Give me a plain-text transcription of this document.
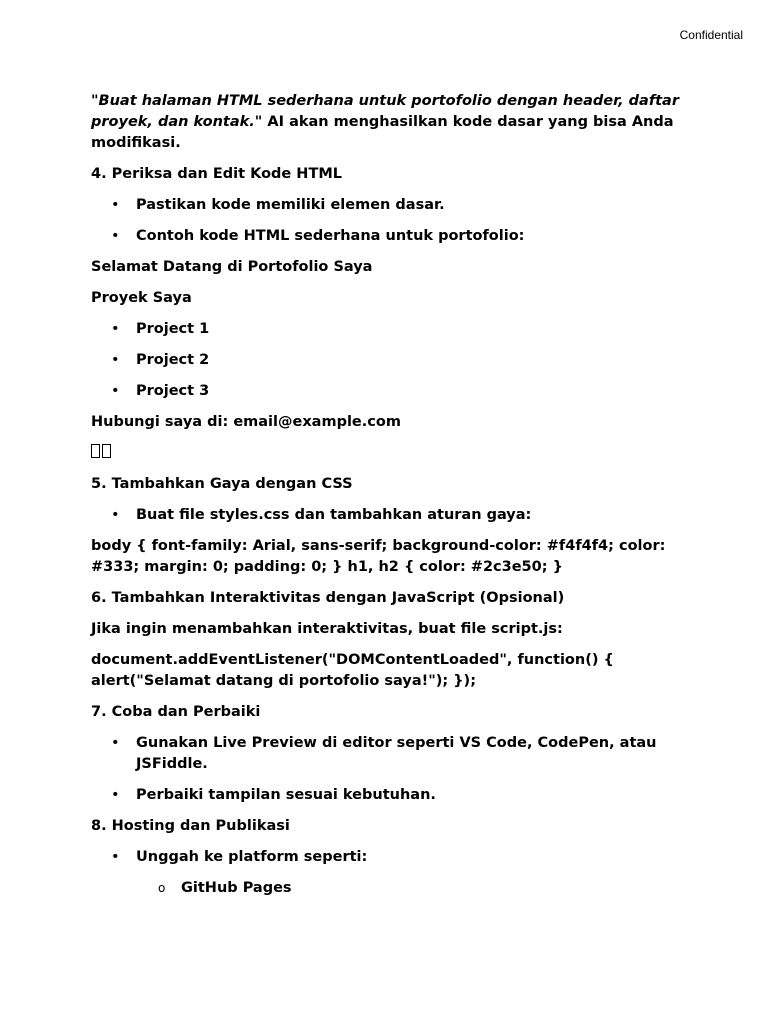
Confidential

"Buat halaman HTML sederhana untuk portofolio dengan header, daftar proyek, dan kontak." AI akan menghasilkan kode dasar yang bisa Anda modifikasi.

4. Periksa dan Edit Kode HTML

• Pastikan kode memiliki elemen dasar.
• Contoh kode HTML sederhana untuk portofolio:

Selamat Datang di Portofolio Saya

Proyek Saya

• Project 1
• Project 2
• Project 3

Hubungi saya di: email@example.com

5. Tambahkan Gaya dengan CSS

• Buat file styles.css dan tambahkan aturan gaya:

body { font-family: Arial, sans-serif; background-color: #f4f4f4; color: #333; margin: 0; padding: 0; } h1, h2 { color: #2c3e50; }

6. Tambahkan Interaktivitas dengan JavaScript (Opsional)

Jika ingin menambahkan interaktivitas, buat file script.js:

document.addEventListener("DOMContentLoaded", function() { alert("Selamat datang di portofolio saya!"); });

7. Coba dan Perbaiki

• Gunakan Live Preview di editor seperti VS Code, CodePen, atau JSFiddle.
• Perbaiki tampilan sesuai kebutuhan.

8. Hosting dan Publikasi

• Unggah ke platform seperti:
o GitHub Pages
